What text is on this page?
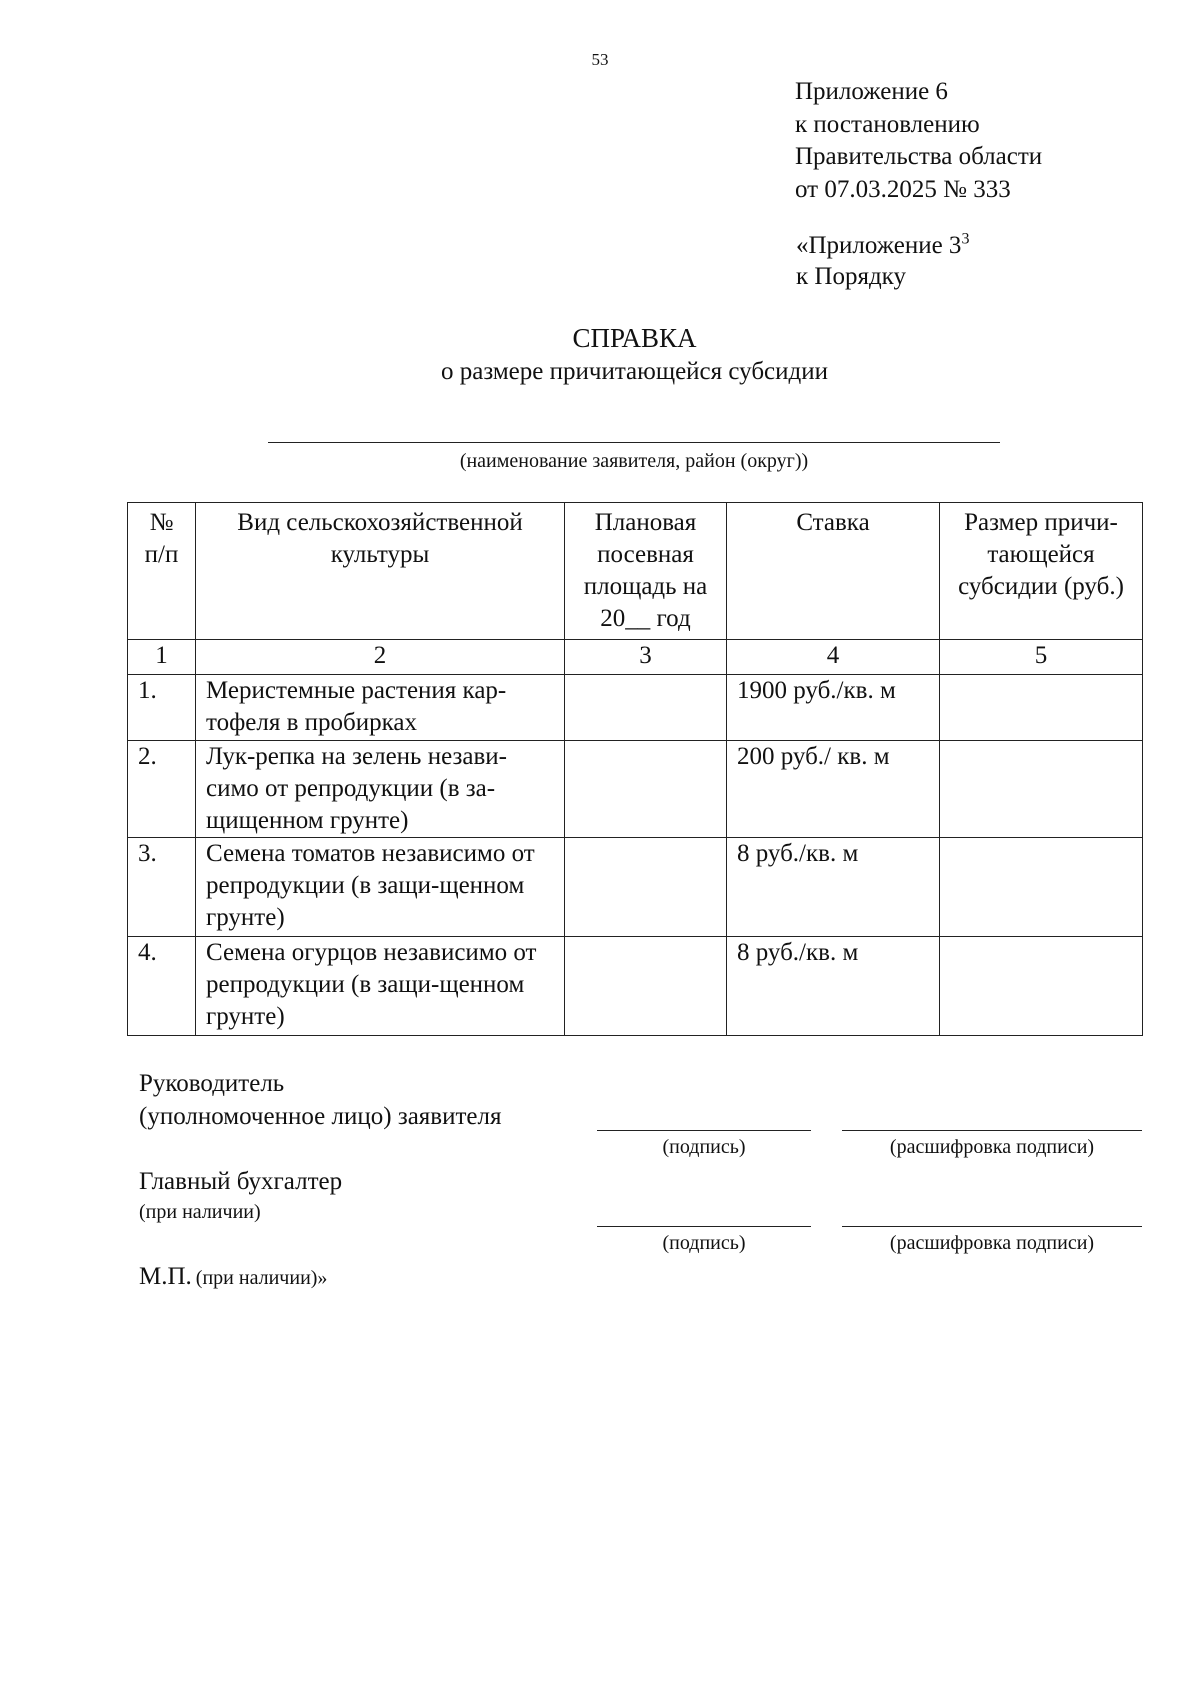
53
Приложение 6
к постановлению
Правительства области
от 07.03.2025 № 333
«Приложение $3^3$
к Порядку
СПРАВКА
о размере причитающейся субсидии
(наименование заявителя, район (округ))
№ п/п	Вид сельскохозяйственной культуры	Плановая посевная площадь на 20__ год	Ставка	Размер причи-тающейся субсидии (руб.)
1	2	3	4	5
1.	Меристемные растения кар-тофеля в пробирках		1900 руб./кв. м	
2.	Лук-репка на зелень незави-симо от репродукции (в за-щищенном грунте)		200 руб./ кв. м	
3.	Семена томатов независимо от репродукции (в защи-щенном грунте)		8 руб./кв. м	
4.	Семена огурцов независимо от репродукции (в защи-щенном грунте)		8 руб./кв. м	
Руководитель
(уполномоченное лицо) заявителя
(подпись)	(расшифровка подписи)
Главный бухгалтер
(при наличии)
(подпись)	(расшифровка подписи)
М.П. (при наличии)»
